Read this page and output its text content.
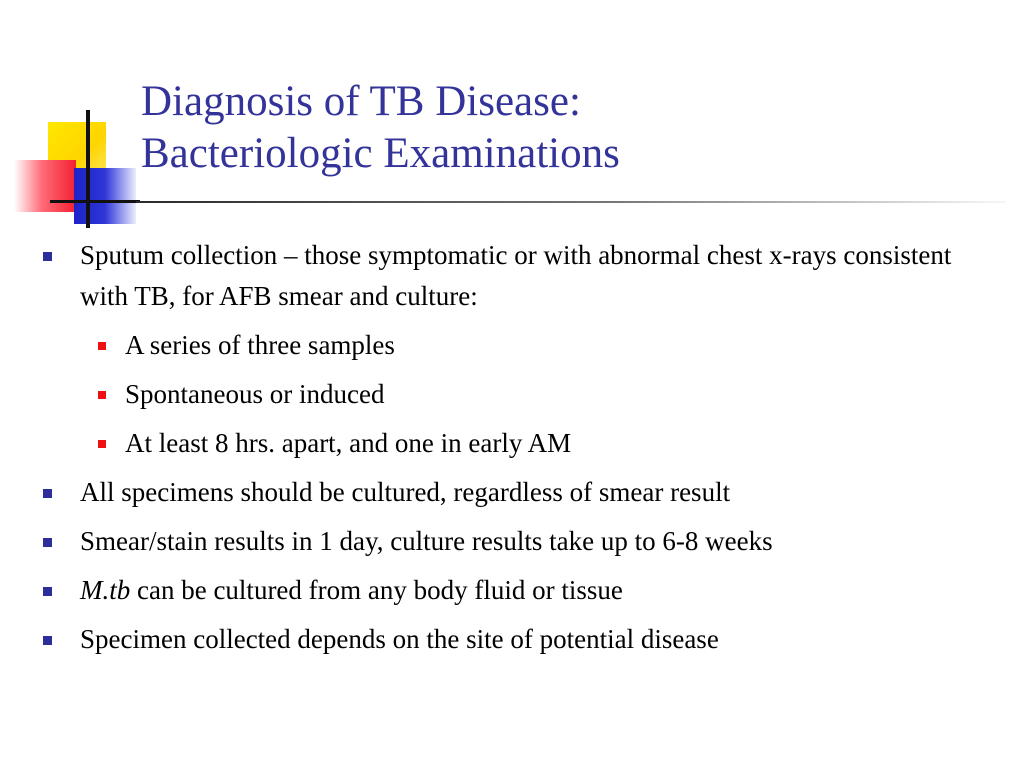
Diagnosis of TB Disease:
Bacteriologic Examinations
Sputum collection – those symptomatic or with abnormal chest x-rays consistent with TB, for AFB smear and culture:
A series of three samples
Spontaneous or induced
At least 8 hrs. apart, and one in early AM
All specimens should be cultured, regardless of smear result
Smear/stain results in 1 day, culture results take up to 6-8 weeks
M.tb can be cultured from any body fluid or tissue
Specimen collected depends on the site of potential disease
